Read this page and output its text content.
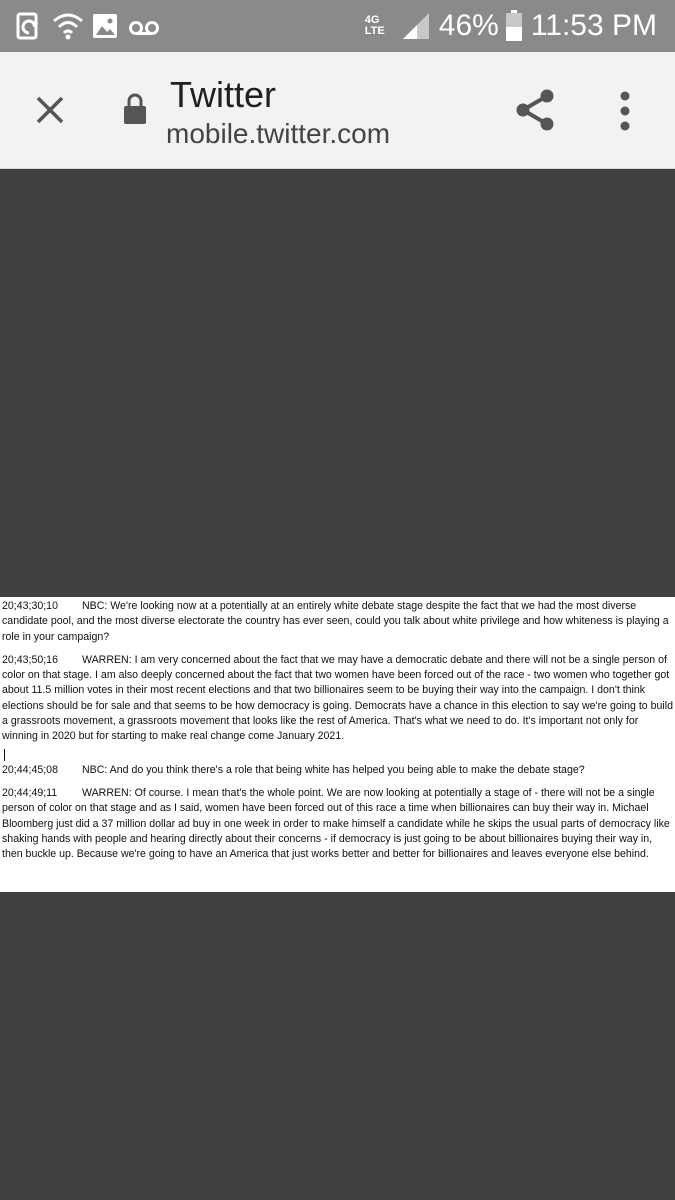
4G LTE	46% 11:53 PM
Twitter
mobile.twitter.com

20;43;30;10 NBC: We're looking now at a potentially at an entirely white debate stage despite the fact that we had the most diverse candidate pool, and the most diverse electorate the country has ever seen, could you talk about white privilege and how whiteness is playing a role in your campaign?

20;43;50;16 WARREN: I am very concerned about the fact that we may have a democratic debate and there will not be a single person of color on that stage. I am also deeply concerned about the fact that two women have been forced out of the race - two women who together got about 11.5 million votes in their most recent elections and that two billionaires seem to be buying their way into the campaign. I don't think elections should be for sale and that seems to be how democracy is going. Democrats have a chance in this election to say we're going to build a grassroots movement, a grassroots movement that looks like the rest of America. That's what we need to do. It's important not only for winning in 2020 but for starting to make real change come January 2021.

20;44;45;08 NBC: And do you think there's a role that being white has helped you being able to make the debate stage?

20;44;49;11 WARREN: Of course. I mean that's the whole point. We are now looking at potentially a stage of - there will not be a single person of color on that stage and as I said, women have been forced out of this race a time when billionaires can buy their way in. Michael Bloomberg just did a 37 million dollar ad buy in one week in order to make himself a candidate while he skips the usual parts of democracy like shaking hands with people and hearing directly about their concerns - if democracy is just going to be about billionaires buying their way in, then buckle up. Because we're going to have an America that just works better and better for billionaires and leaves everyone else behind.
